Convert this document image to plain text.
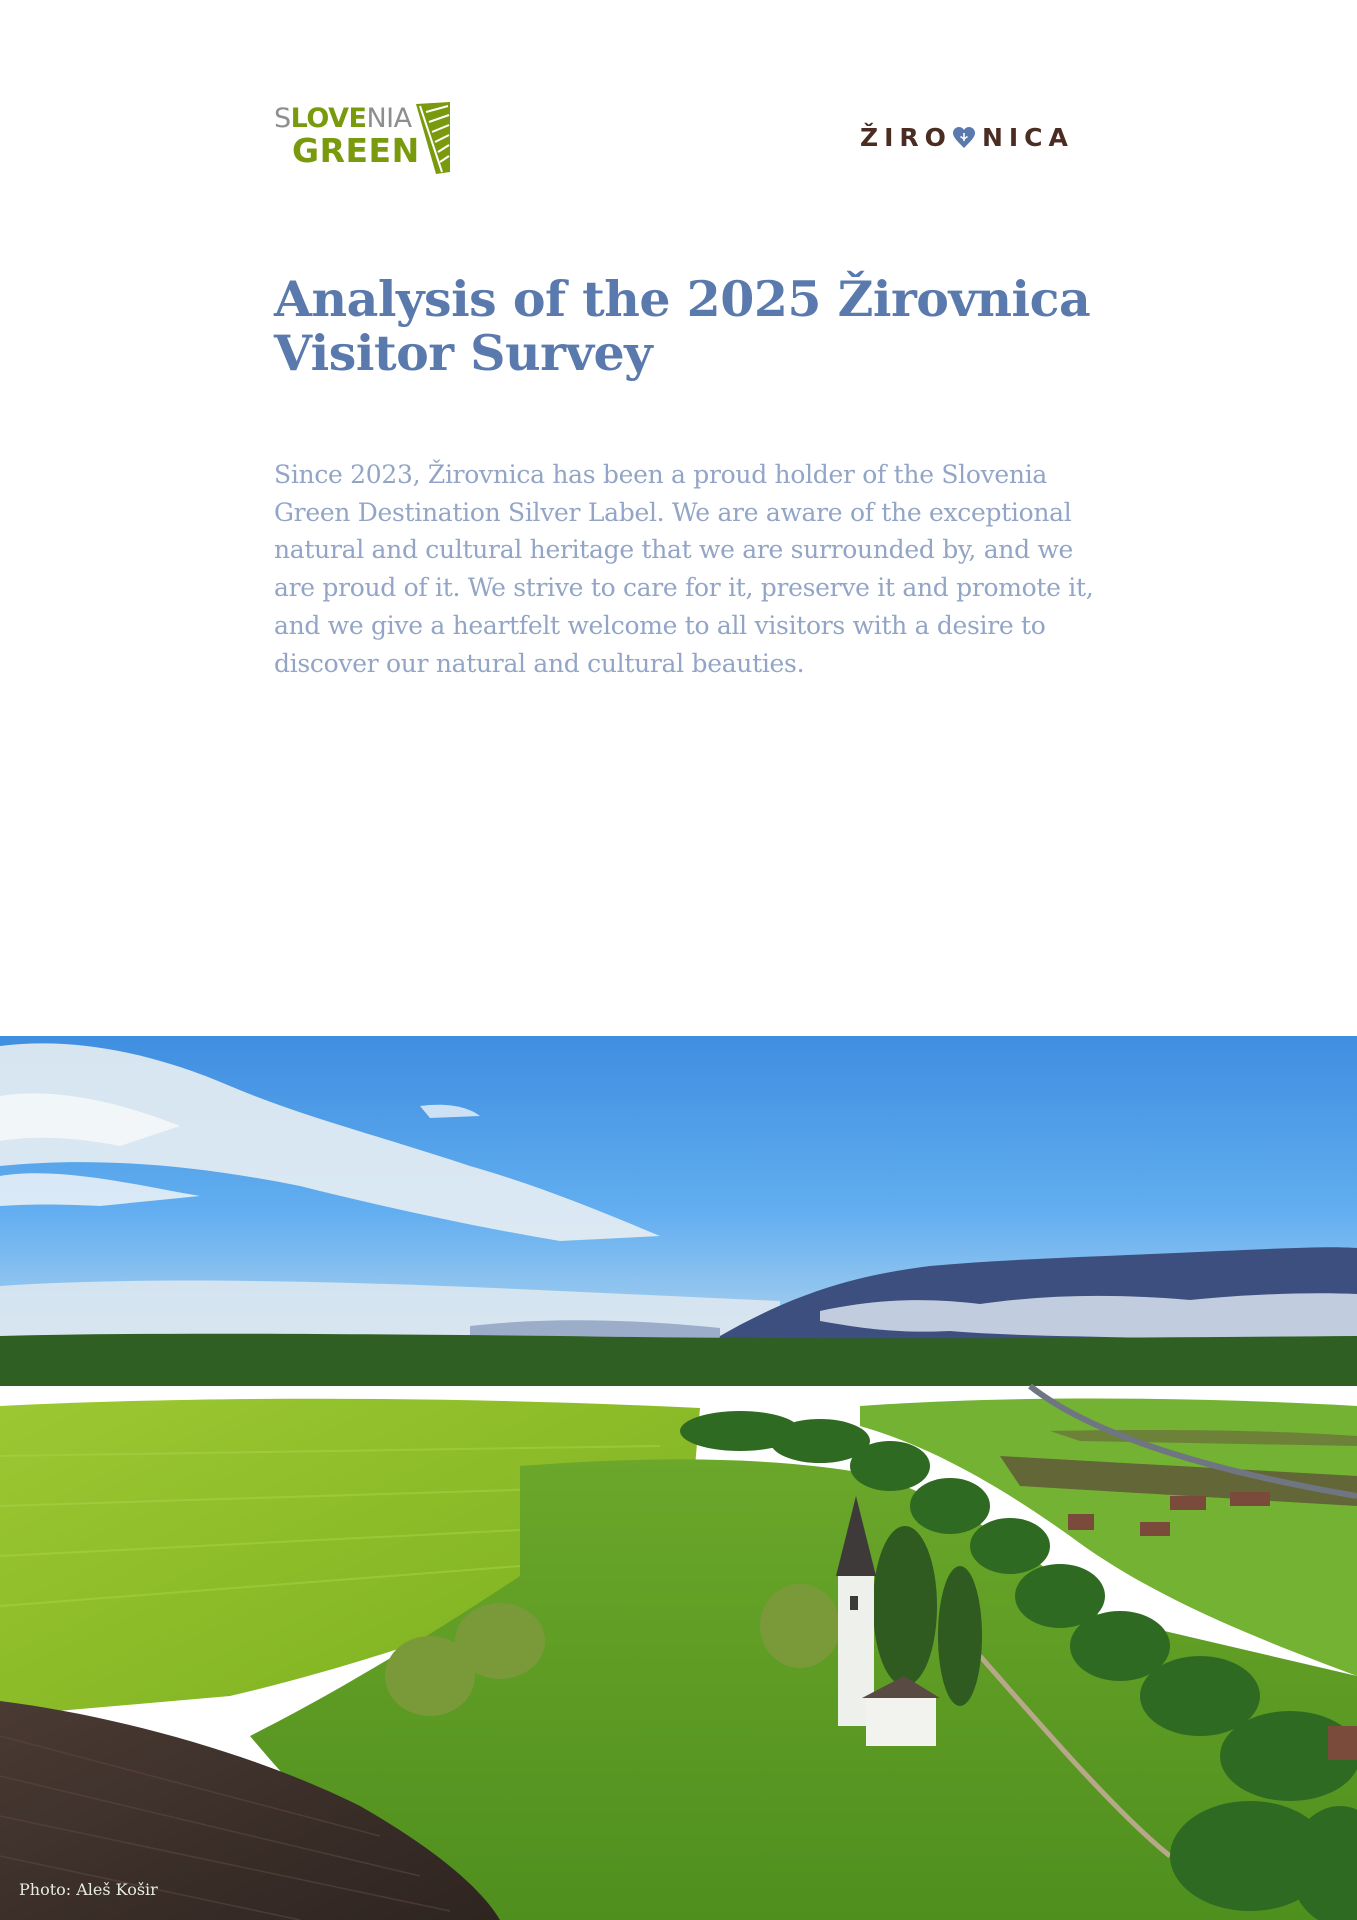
SLOVENIA
GREEN	ŽIRO NICA
Analysis of the 2025 Žirovnica
Visitor Survey

Since 2023, Žirovnica has been a proud holder of the Slovenia Green Destination Silver Label. We are aware of the exceptional natural and cultural heritage that we are surrounded by, and we are proud of it. We strive to care for it, preserve it and promote it, and we give a heartfelt welcome to all visitors with a desire to discover our natural and cultural beauties.

Photo: Aleš Košir
